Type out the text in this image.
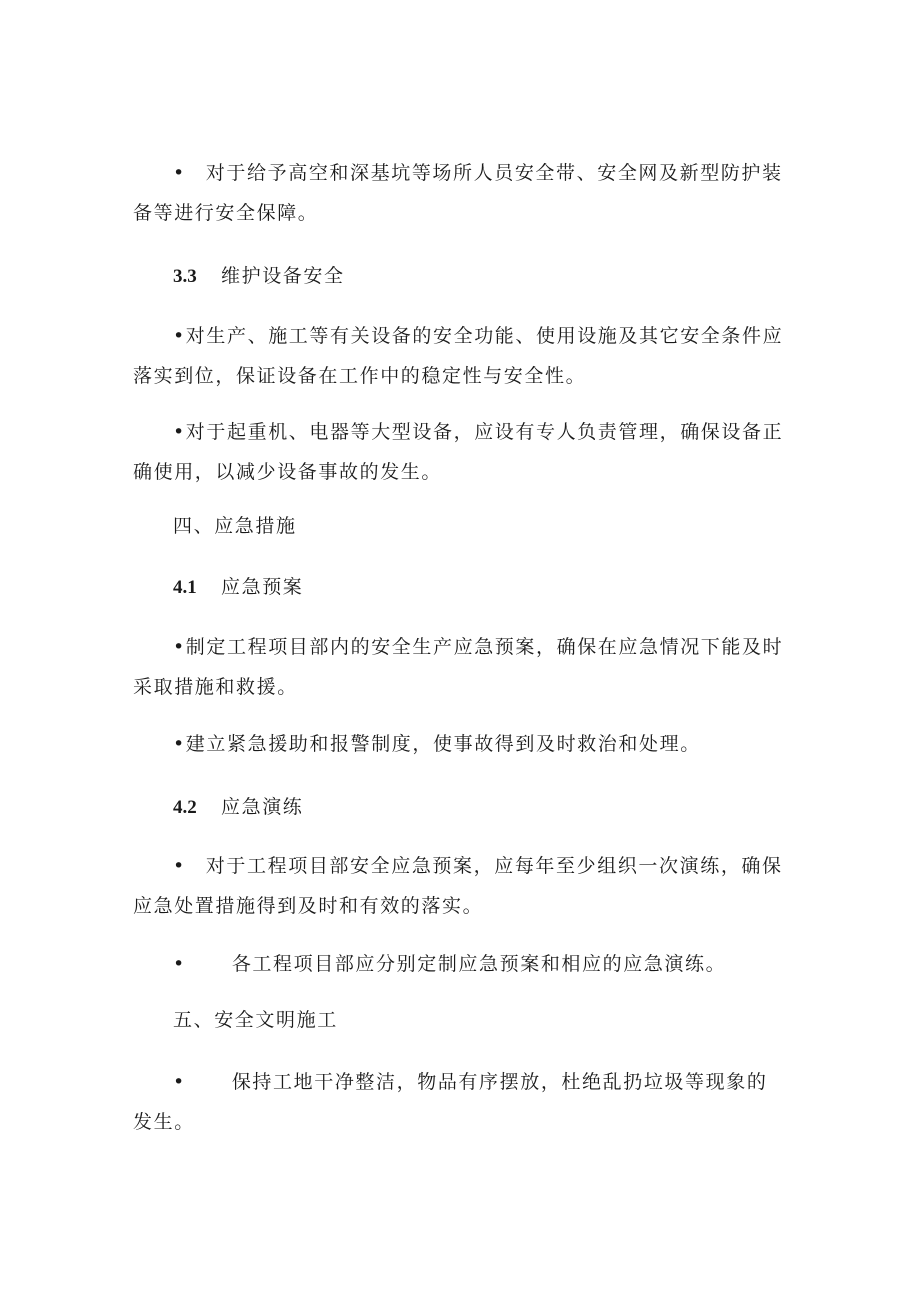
• 对于给予高空和深基坑等场所人员安全带、安全网及新型防护装备等进行安全保障。
3.3 维护设备安全
•对生产、施工等有关设备的安全功能、使用设施及其它安全条件应落实到位，保证设备在工作中的稳定性与安全性。
•对于起重机、电器等大型设备，应设有专人负责管理，确保设备正确使用，以减少设备事故的发生。
四、应急措施
4.1 应急预案
•制定工程项目部内的安全生产应急预案，确保在应急情况下能及时采取措施和救援。
•建立紧急援助和报警制度，使事故得到及时救治和处理。
4.2 应急演练
• 对于工程项目部安全应急预案，应每年至少组织一次演练，确保应急处置措施得到及时和有效的落实。
• 各工程项目部应分别定制应急预案和相应的应急演练。
五、安全文明施工
• 保持工地干净整洁，物品有序摆放，杜绝乱扔垃圾等现象的发生。
